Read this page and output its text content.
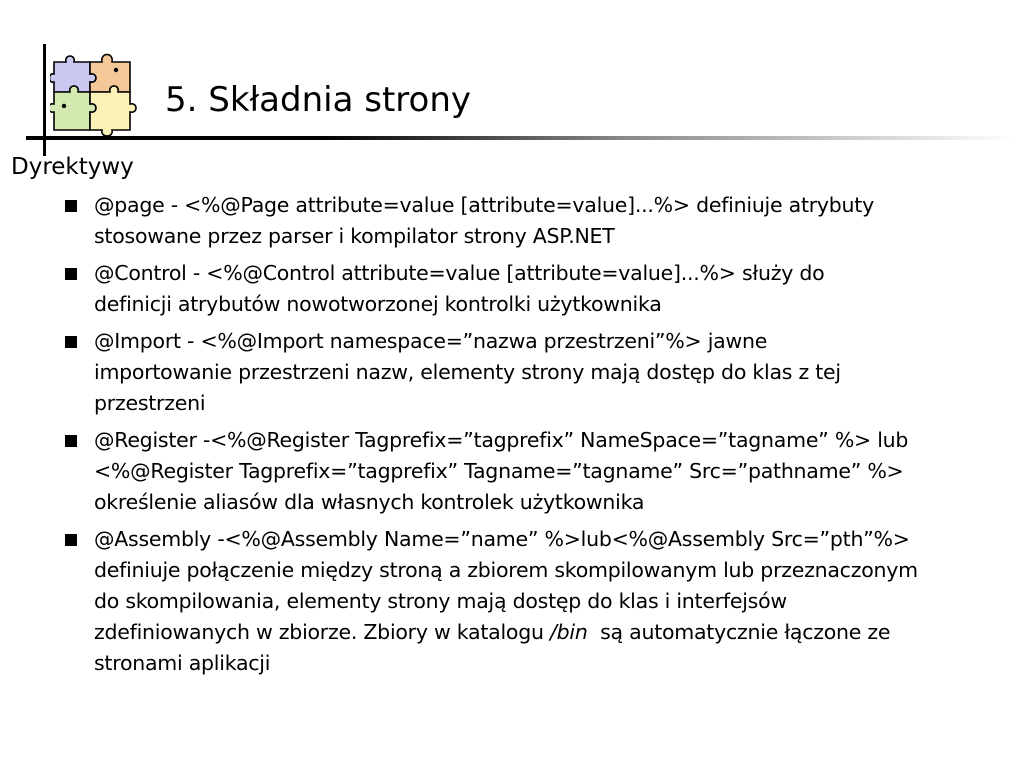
5. Składnia strony
Dyrektywy
@page - <%@Page attribute=value [attribute=value]...%> definiuje atrybuty
stosowane przez parser i kompilator strony ASP.NET
@Control - <%@Control attribute=value [attribute=value]...%> służy do
definicji atrybutów nowotworzonej kontrolki użytkownika
@Import - <%@Import namespace=”nazwa przestrzeni”%> jawne
importowanie przestrzeni nazw, elementy strony mają dostęp do klas z tej
przestrzeni
@Register -<%@Register Tagprefix=”tagprefix” NameSpace=”tagname” %> lub
<%@Register Tagprefix=”tagprefix” Tagname=”tagname” Src=”pathname” %>
określenie aliasów dla własnych kontrolek użytkownika
@Assembly -<%@Assembly Name=”name” %>lub<%@Assembly Src=”pth”%>
definiuje połączenie między stroną a zbiorem skompilowanym lub przeznaczonym
do skompilowania, elementy strony mają dostęp do klas i interfejsów
zdefiniowanych w zbiorze. Zbiory w katalogu /bin  są automatycznie łączone ze
stronami aplikacji
